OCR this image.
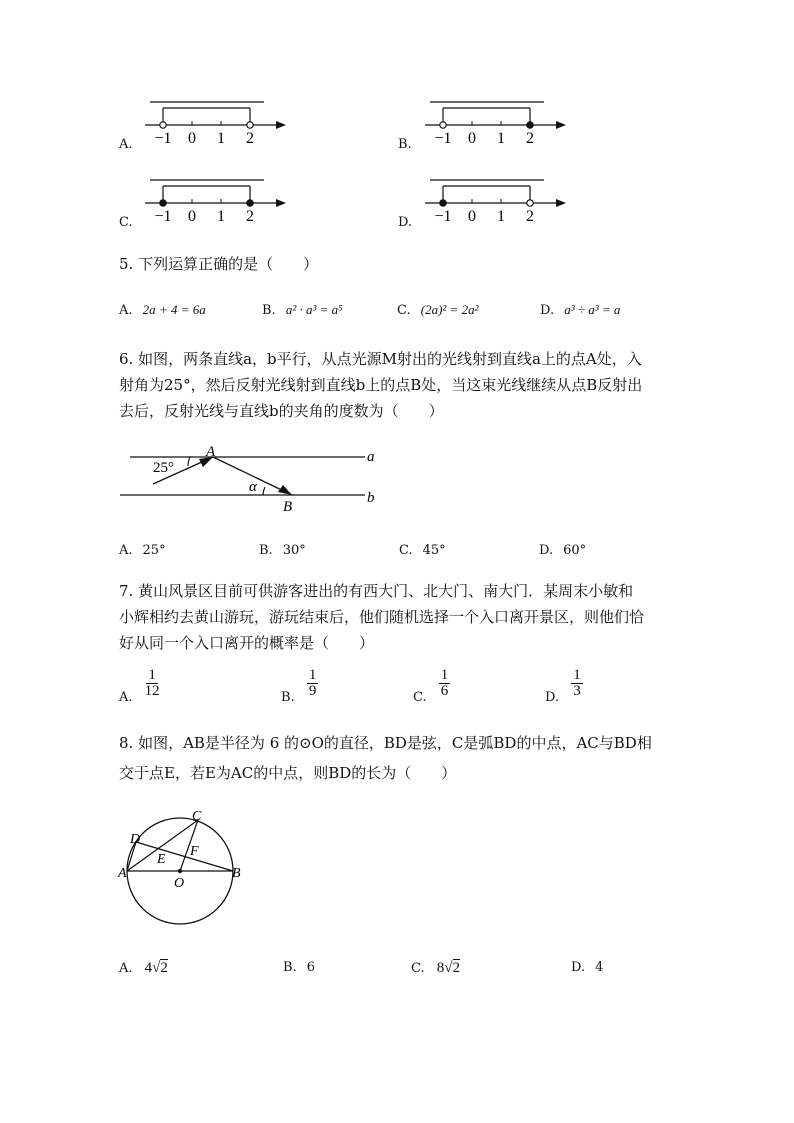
A. −1 0 1 2	B. −1 0 1 2
C. −1 0 1 2	D. −1 0 1 2
5. 下列运算正确的是（　　）
A. 2a + 4 = 6a	B. a² · a³ = a⁵	C. (2a)² = 2a²	D. a³ ÷ a³ = a
6. 如图，两条直线a，b平行，从点光源M射出的光线射到直线a上的点A处，入
射角为25°，然后反射光线射到直线b上的点B处，当这束光线继续从点B反射出
去后，反射光线与直线b的夹角的度数为（　　）
25°
A
B
a
b
α
A. 25°	B. 30°	C. 45°	D. 60°
7. 黄山风景区目前可供游客进出的有西大门、北大门、南大门．某周末小敏和
小辉相约去黄山游玩，游玩结束后，他们随机选择一个入口离开景区，则他们恰
好从同一个入口离开的概率是（　　）
A. $\frac{1}{12}$	B. $\frac{1}{9}$	C. $\frac{1}{6}$	D. $\frac{1}{3}$
8. 如图，AB是半径为 6 的⊙O的直径，BD是弦，C是弧BD的中点，AC与BD相
交于点E，若E为AC的中点，则BD的长为（　　）
C
D
A	B
E
F
O
A. 4√2	B. 6	C. 8√2	D. 4
